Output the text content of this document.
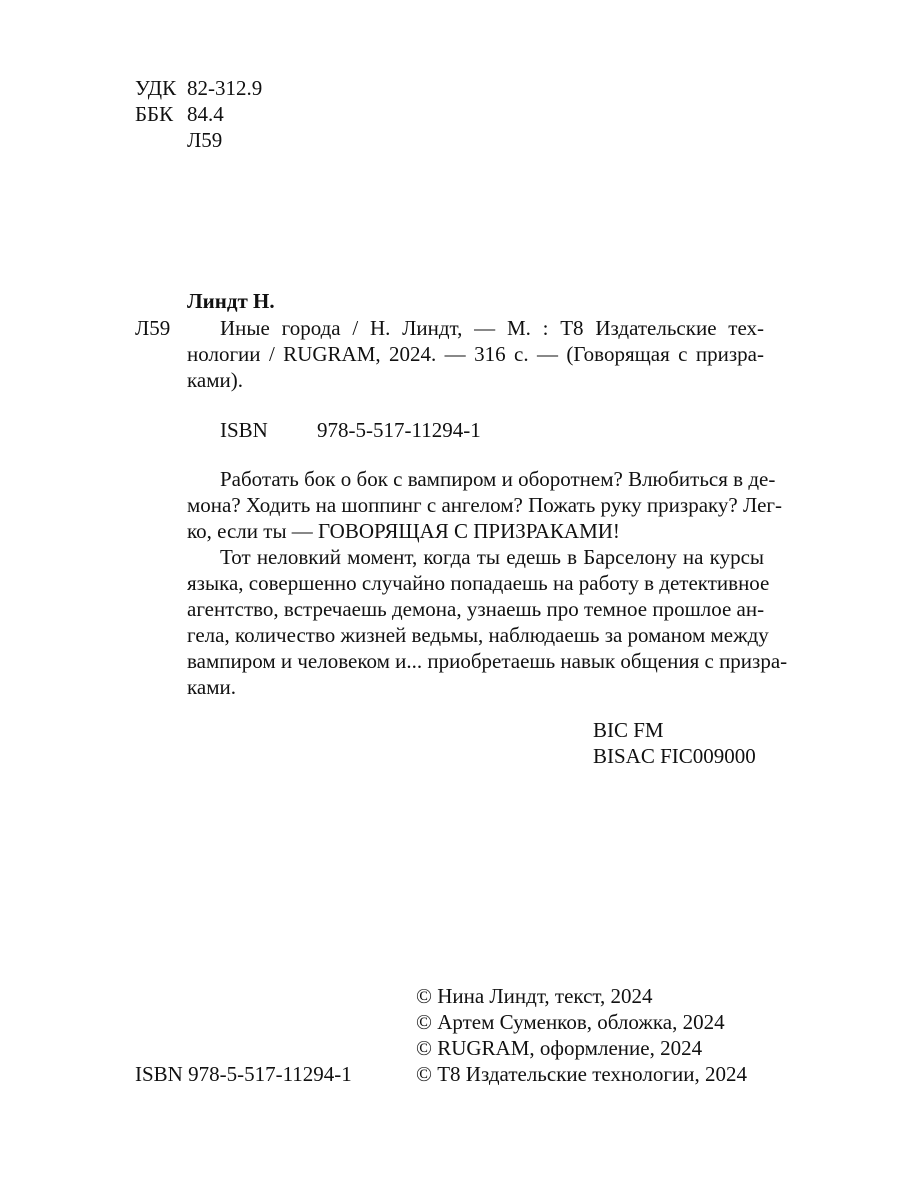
УДК 82-312.9
ББК 84.4
Л59
Линдт Н.
Л59 Иные города / Н. Линдт, — М. : Т8 Издательские тех-
нологии / RUGRAM, 2024. — 316 с. — (Говорящая с призра-
ками).
ISBN 978-5-517-11294-1
Работать бок о бок с вампиром и оборотнем? Влюбиться в де-
мона? Ходить на шоппинг с ангелом? Пожать руку призраку? Лег-
ко, если ты — ГОВОРЯЩАЯ С ПРИЗРАКАМИ!
Тот неловкий момент, когда ты едешь в Барселону на курсы
языка, совершенно случайно попадаешь на работу в детективное
агентство, встречаешь демона, узнаешь про темное прошлое ан-
гела, количество жизней ведьмы, наблюдаешь за романом между
вампиром и человеком и... приобретаешь навык общения с призра-
ками.
BIC FM
BISAC FIC009000
© Нина Линдт, текст, 2024
© Артем Суменков, обложка, 2024
© RUGRAM, оформление, 2024
© Т8 Издательские технологии, 2024
ISBN 978-5-517-11294-1
